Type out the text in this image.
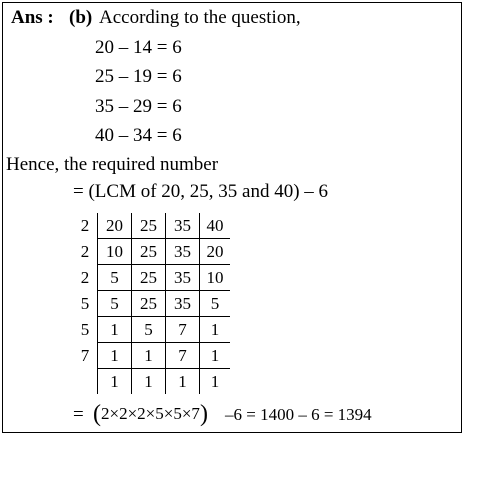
Ans : (b) According to the question,
20 – 14 = 6
25 – 19 = 6
35 – 29 = 6
40 – 34 = 6
Hence, the required number
= (LCM of 20, 25, 35 and 40) – 6
2	20	25	35	40
2	10	25	35	20
2	5	25	35	10
5	5	25	35	5
5	1	5	7	1
7	1	1	7	1
	1	1	1	1
= (2×2×2×5×5×7) –6 = 1400 – 6 = 1394
